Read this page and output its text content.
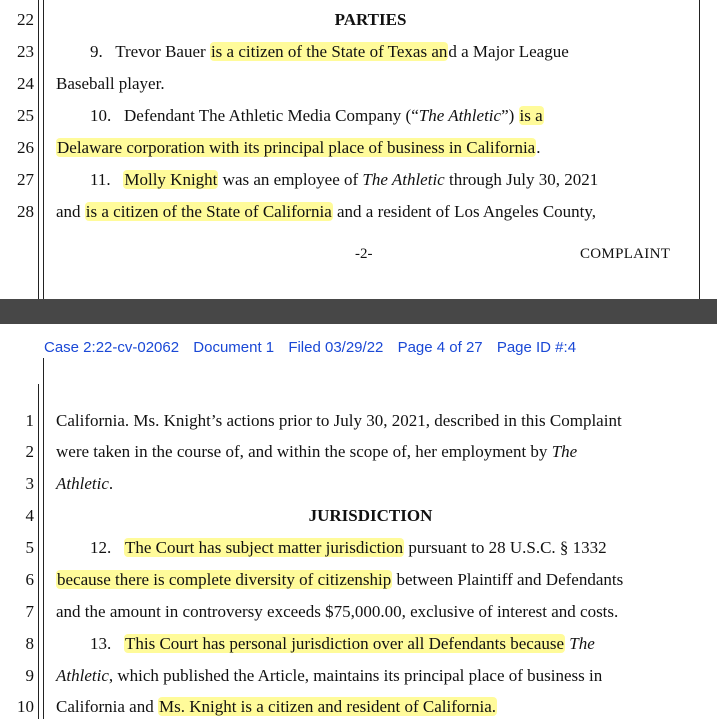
22	PARTIES
23 9.   Trevor Bauer is a citizen of the State of Texas and a Major League
24 Baseball player.
25 10.   Defendant The Athletic Media Company (“The Athletic”) is a
26 Delaware corporation with its principal place of business in California.
27 11.   Molly Knight was an employee of The Athletic through July 30, 2021
28 and is a citizen of the State of California and a resident of Los Angeles County,
-2-	COMPLAINT
Case 2:22-cv-02062 Document 1 Filed 03/29/22 Page 4 of 27 Page ID #:4
1 California. Ms. Knight’s actions prior to July 30, 2021, described in this Complaint
2 were taken in the course of, and within the scope of, her employment by The
3 Athletic.
4	JURISDICTION
5 12.   The Court has subject matter jurisdiction pursuant to 28 U.S.C. § 1332
6 because there is complete diversity of citizenship between Plaintiff and Defendants
7 and the amount in controversy exceeds $75,000.00, exclusive of interest and costs.
8 13.   This Court has personal jurisdiction over all Defendants because The
9 Athletic, which published the Article, maintains its principal place of business in
10 California and Ms. Knight is a citizen and resident of California.
